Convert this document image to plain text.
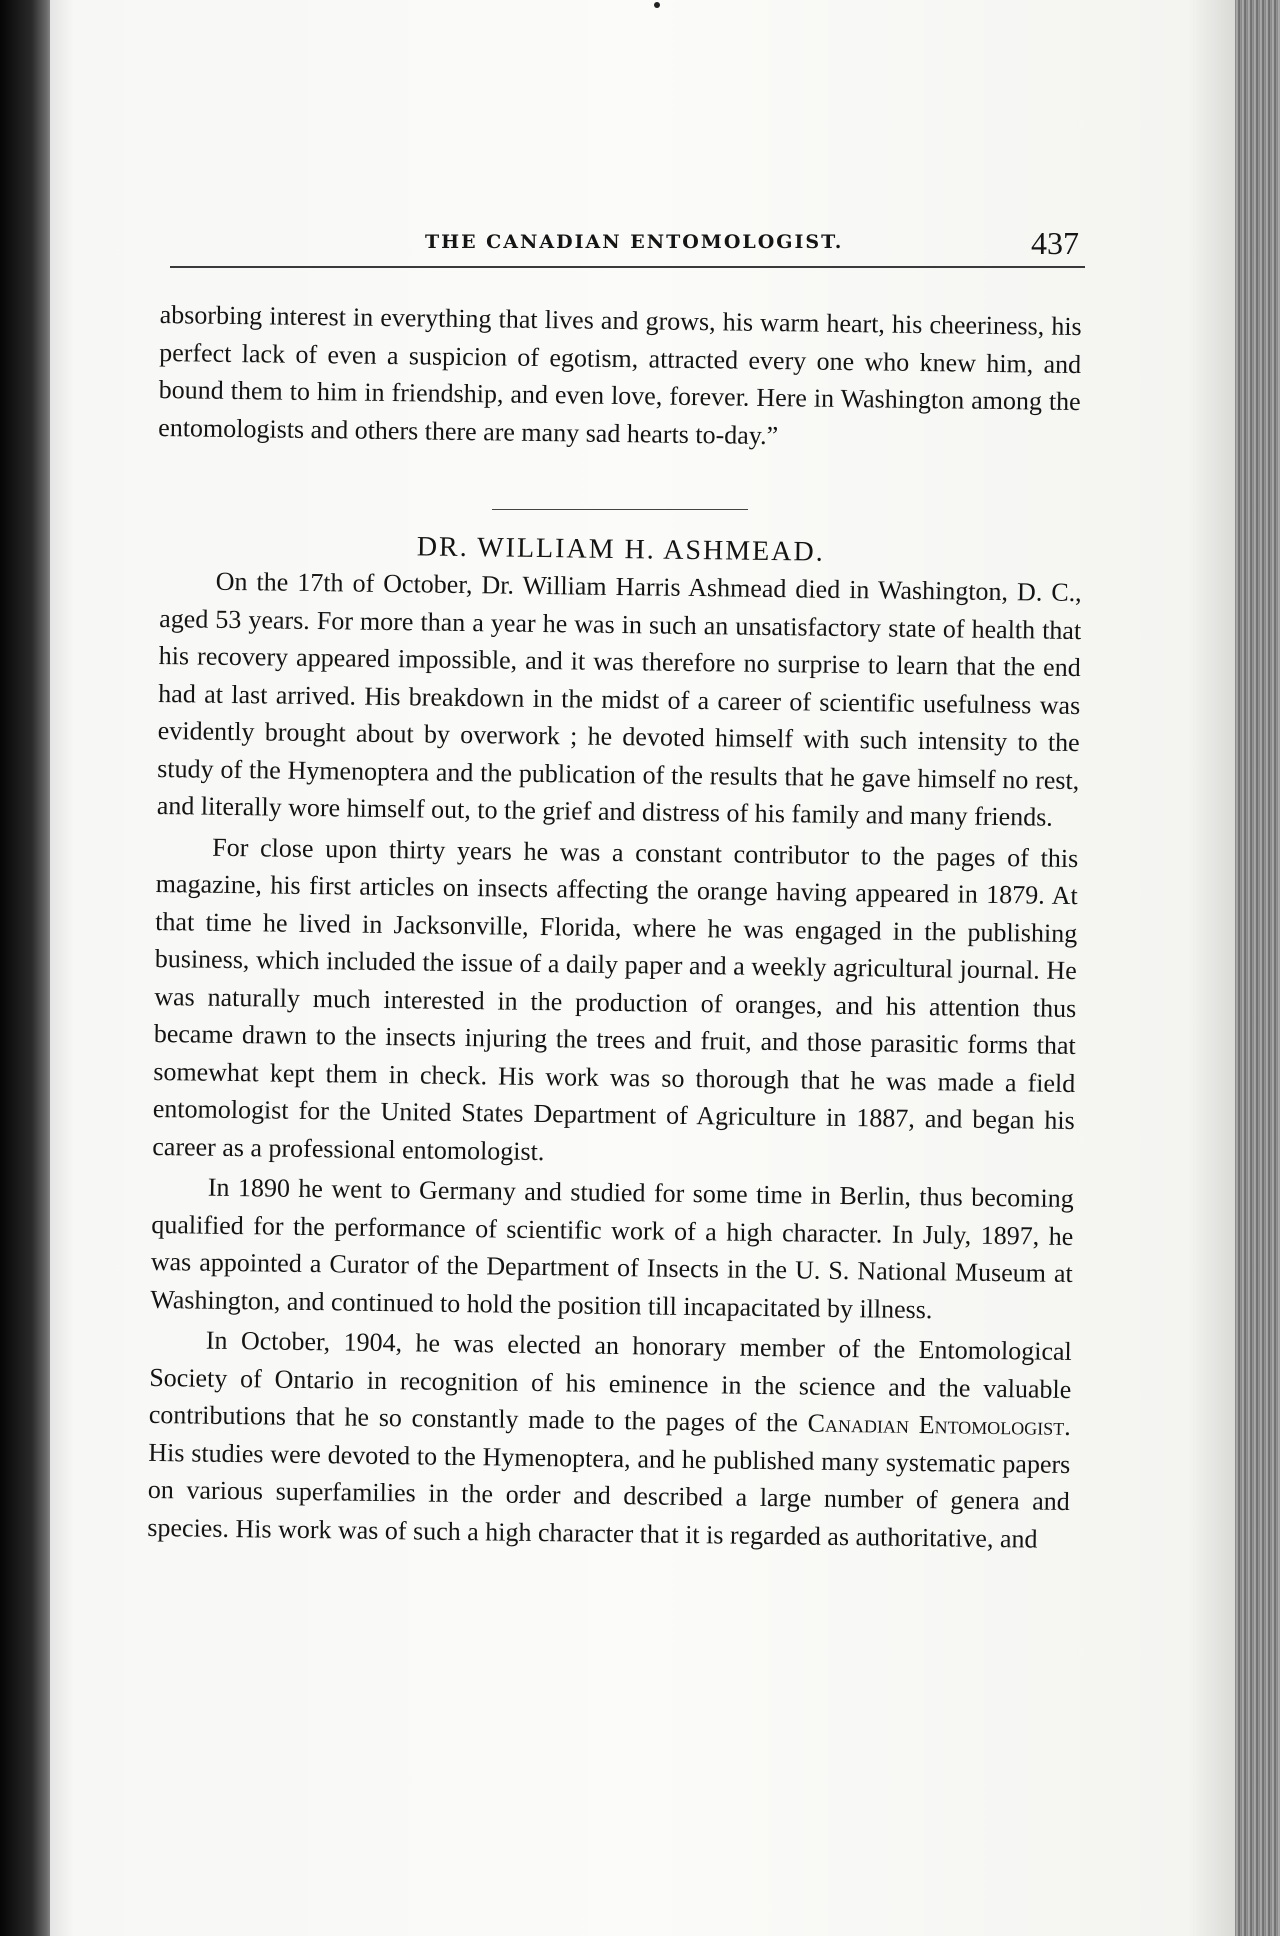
THE CANADIAN ENTOMOLOGIST.	437

absorbing interest in everything that lives and grows, his warm heart, his cheeriness, his perfect lack of even a suspicion of egotism, attracted every one who knew him, and bound them to him in friendship, and even love, forever. Here in Washington among the entomologists and others there are many sad hearts to-day.”

DR. WILLIAM H. ASHMEAD.

On the 17th of October, Dr. William Harris Ashmead died in Washington, D. C., aged 53 years. For more than a year he was in such an unsatisfactory state of health that his recovery appeared impossible, and it was therefore no surprise to learn that the end had at last arrived. His breakdown in the midst of a career of scientific usefulness was evidently brought about by overwork ; he devoted himself with such intensity to the study of the Hymenoptera and the publication of the results that he gave himself no rest, and literally wore himself out, to the grief and distress of his family and many friends.

For close upon thirty years he was a constant contributor to the pages of this magazine, his first articles on insects affecting the orange having appeared in 1879. At that time he lived in Jacksonville, Florida, where he was engaged in the publishing business, which included the issue of a daily paper and a weekly agricultural journal. He was naturally much interested in the production of oranges, and his attention thus became drawn to the insects injuring the trees and fruit, and those parasitic forms that somewhat kept them in check. His work was so thorough that he was made a field entomologist for the United States Department of Agriculture in 1887, and began his career as a professional entomologist.

In 1890 he went to Germany and studied for some time in Berlin, thus becoming qualified for the performance of scientific work of a high character. In July, 1897, he was appointed a Curator of the Department of Insects in the U. S. National Museum at Washington, and continued to hold the position till incapacitated by illness.

In October, 1904, he was elected an honorary member of the Entomological Society of Ontario in recognition of his eminence in the science and the valuable contributions that he so constantly made to the pages of the Canadian Entomologist. His studies were devoted to the Hymenoptera, and he published many systematic papers on various superfamilies in the order and described a large number of genera and species. His work was of such a high character that it is regarded as authoritative, and
